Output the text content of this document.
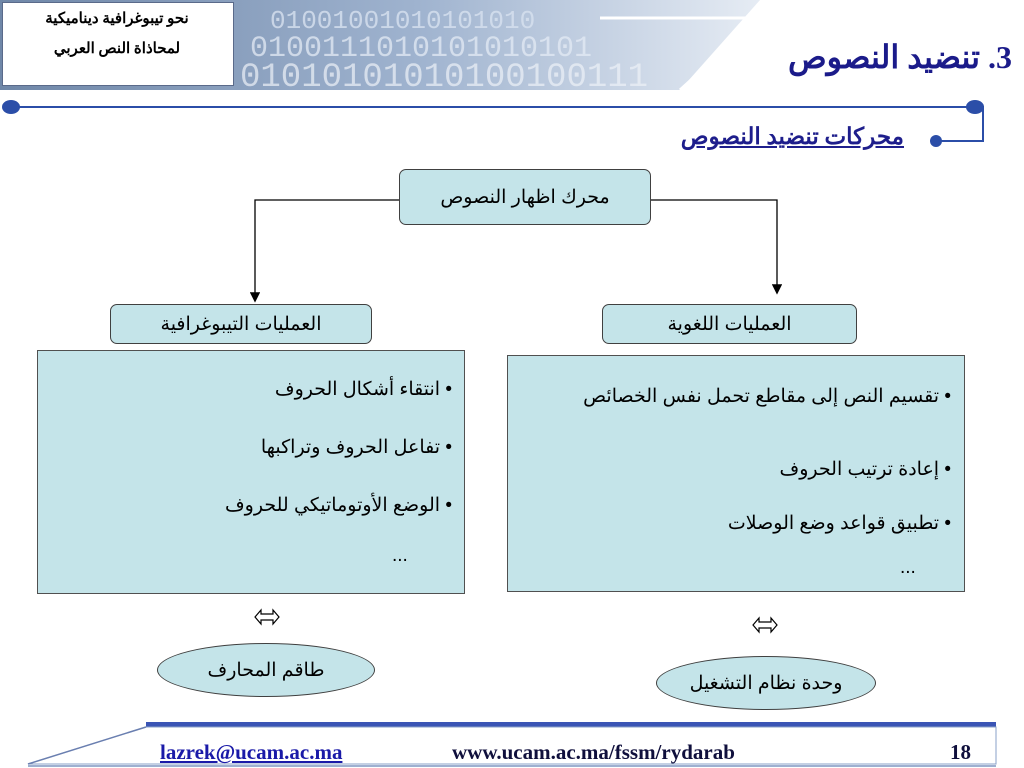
01001001010101010
0100111010101010101
01010101010100100111
نحو تيبوغرافية ديناميكية
لمحاذاة النص العربي	3. تنضيد النصوص
محركات تنضيد النصوص
محرك اظهار النصوص
العمليات التيبوغرافية	العمليات اللغوية
• انتقاء أشكال الحروف
• تفاعل الحروف وتراكبها
• الوضع الأوتوماتيكي للحروف
...
• تقسيم النص إلى مقاطع تحمل نفس الخصائص
• إعادة ترتيب الحروف
• تطبيق قواعد وضع الوصلات
...
طاقم المحارف
وحدة نظام التشغيل
lazrek@ucam.ac.ma	www.ucam.ac.ma/fssm/rydarab	18
